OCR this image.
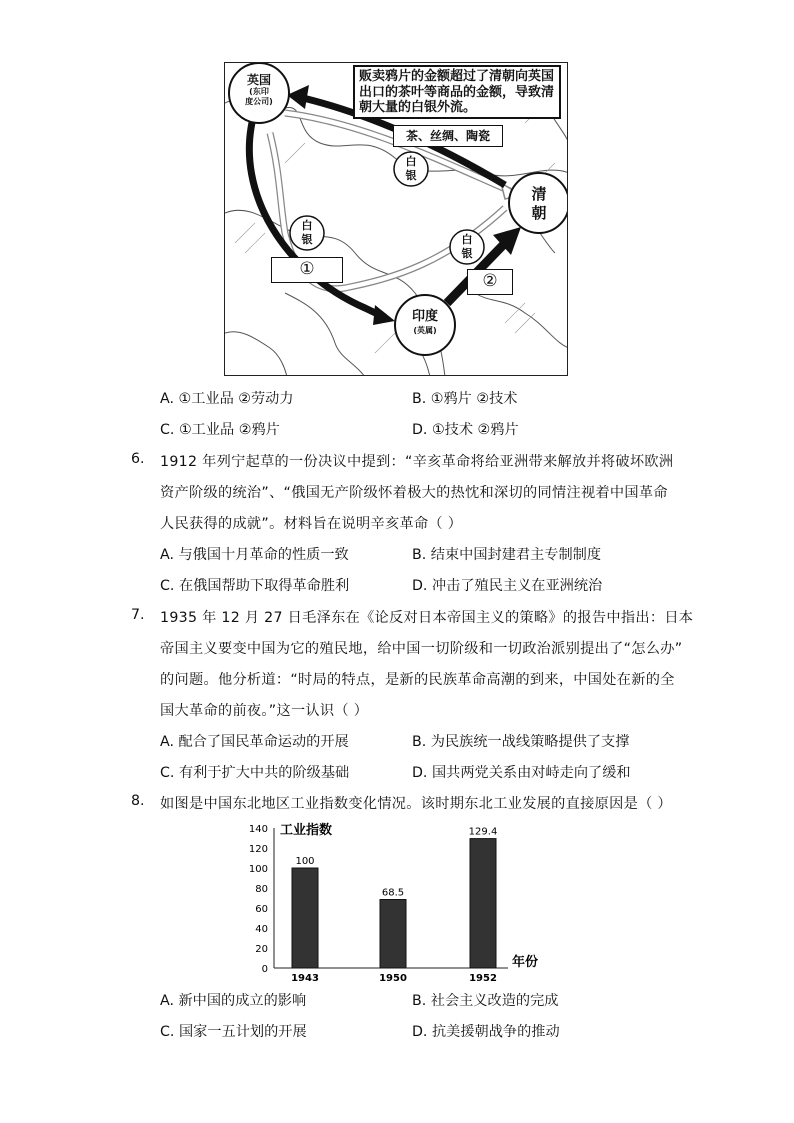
贩卖鸦片的金额超过了清朝向英国出口的茶叶等商品的金额，导致清朝大量的白银外流。
茶、丝绸、陶瓷
英国
(东印
度公司)
清朝
印度
(英属)
白银
白银	白银
①
②
A. ①工业品 ②劳动力	B. ①鸦片 ②技术
C. ①工业品 ②鸦片	D. ①技术 ②鸦片
6. 1912 年列宁起草的一份决议中提到：“辛亥革命将给亚洲带来解放并将破坏欧洲
资产阶级的统治”、“俄国无产阶级怀着极大的热忱和深切的同情注视着中国革命
人民获得的成就”。材料旨在说明辛亥革命（ ）
A. 与俄国十月革命的性质一致	B. 结束中国封建君主专制制度
C. 在俄国帮助下取得革命胜利	D. 冲击了殖民主义在亚洲统治
7. 1935 年 12 月 27 日毛泽东在《论反对日本帝国主义的策略》的报告中指出：日本
帝国主义要变中国为它的殖民地，给中国一切阶级和一切政治派别提出了“怎么办”
的问题。他分析道：“时局的特点，是新的民族革命高潮的到来，中国处在新的全
国大革命的前夜。”这一认识（ ）
A. 配合了国民革命运动的开展	B. 为民族统一战线策略提供了支撑
C. 有利于扩大中共的阶级基础	D. 国共两党关系由对峙走向了缓和
8. 如图是中国东北地区工业指数变化情况。该时期东北工业发展的直接原因是（ ）
工业指数
年份
0
20
40
60
80
100
120
140
100
1943
68.5
1950
129.4
1952
A. 新中国的成立的影响	B. 社会主义改造的完成
C. 国家一五计划的开展	D. 抗美援朝战争的推动
